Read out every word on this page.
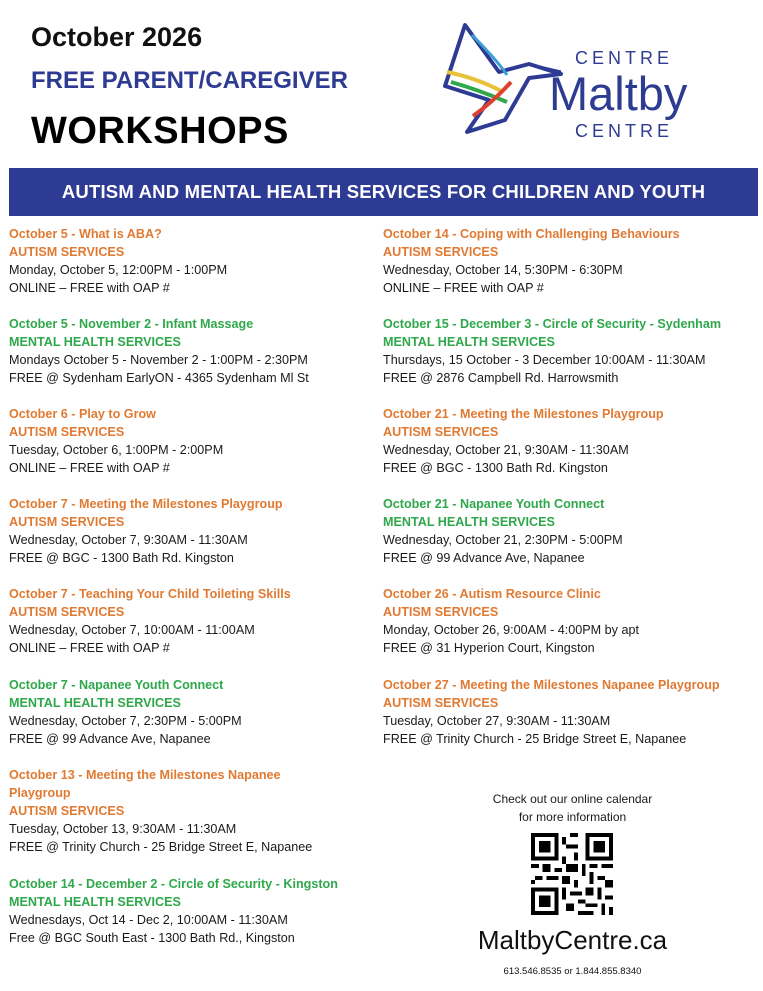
October 2026
FREE PARENT/CAREGIVER
WORKSHOPS
CENTRE
Maltby
CENTRE
AUTISM AND MENTAL HEALTH SERVICES FOR CHILDREN AND YOUTH
October 5 - What is ABA?
AUTISM SERVICES
Monday, October 5, 12:00PM - 1:00PM
ONLINE – FREE with OAP #
October 5 - November 2 - Infant Massage
MENTAL HEALTH SERVICES
Mondays October 5 - November 2 - 1:00PM - 2:30PM
FREE @ Sydenham EarlyON - 4365 Sydenham Ml St
October 6 - Play to Grow
AUTISM SERVICES
Tuesday, October 6, 1:00PM - 2:00PM
ONLINE – FREE with OAP #
October 7 - Meeting the Milestones Playgroup
AUTISM SERVICES
Wednesday, October 7, 9:30AM - 11:30AM
FREE @ BGC - 1300 Bath Rd. Kingston
October 7 - Teaching Your Child Toileting Skills
AUTISM SERVICES
Wednesday, October 7, 10:00AM - 11:00AM
ONLINE – FREE with OAP #
October 7 - Napanee Youth Connect
MENTAL HEALTH SERVICES
Wednesday, October 7, 2:30PM - 5:00PM
FREE @ 99 Advance Ave, Napanee
October 13 - Meeting the Milestones Napanee
Playgroup
AUTISM SERVICES
Tuesday, October 13, 9:30AM - 11:30AM
FREE @ Trinity Church - 25 Bridge Street E, Napanee
October 14 - December 2 - Circle of Security - Kingston
MENTAL HEALTH SERVICES
Wednesdays, Oct 14 - Dec 2, 10:00AM - 11:30AM
Free @ BGC South East - 1300 Bath Rd., Kingston
October 14 - Coping with Challenging Behaviours
AUTISM SERVICES
Wednesday, October 14, 5:30PM - 6:30PM
ONLINE – FREE with OAP #
October 15 - December 3 - Circle of Security - Sydenham
MENTAL HEALTH SERVICES
Thursdays, 15 October - 3 December 10:00AM - 11:30AM
FREE @ 2876 Campbell Rd. Harrowsmith
October 21 - Meeting the Milestones Playgroup
AUTISM SERVICES
Wednesday, October 21, 9:30AM - 11:30AM
FREE @ BGC - 1300 Bath Rd. Kingston
October 21 - Napanee Youth Connect
MENTAL HEALTH SERVICES
Wednesday, October 21, 2:30PM - 5:00PM
FREE @ 99 Advance Ave, Napanee
October 26 - Autism Resource Clinic
AUTISM SERVICES
Monday, October 26, 9:00AM - 4:00PM by apt
FREE @ 31 Hyperion Court, Kingston
October 27 - Meeting the Milestones Napanee Playgroup
AUTISM SERVICES
Tuesday, October 27, 9:30AM - 11:30AM
FREE @ Trinity Church - 25 Bridge Street E, Napanee
Check out our online calendar
for more information
MaltbyCentre.ca
613.546.8535 or 1.844.855.8340
